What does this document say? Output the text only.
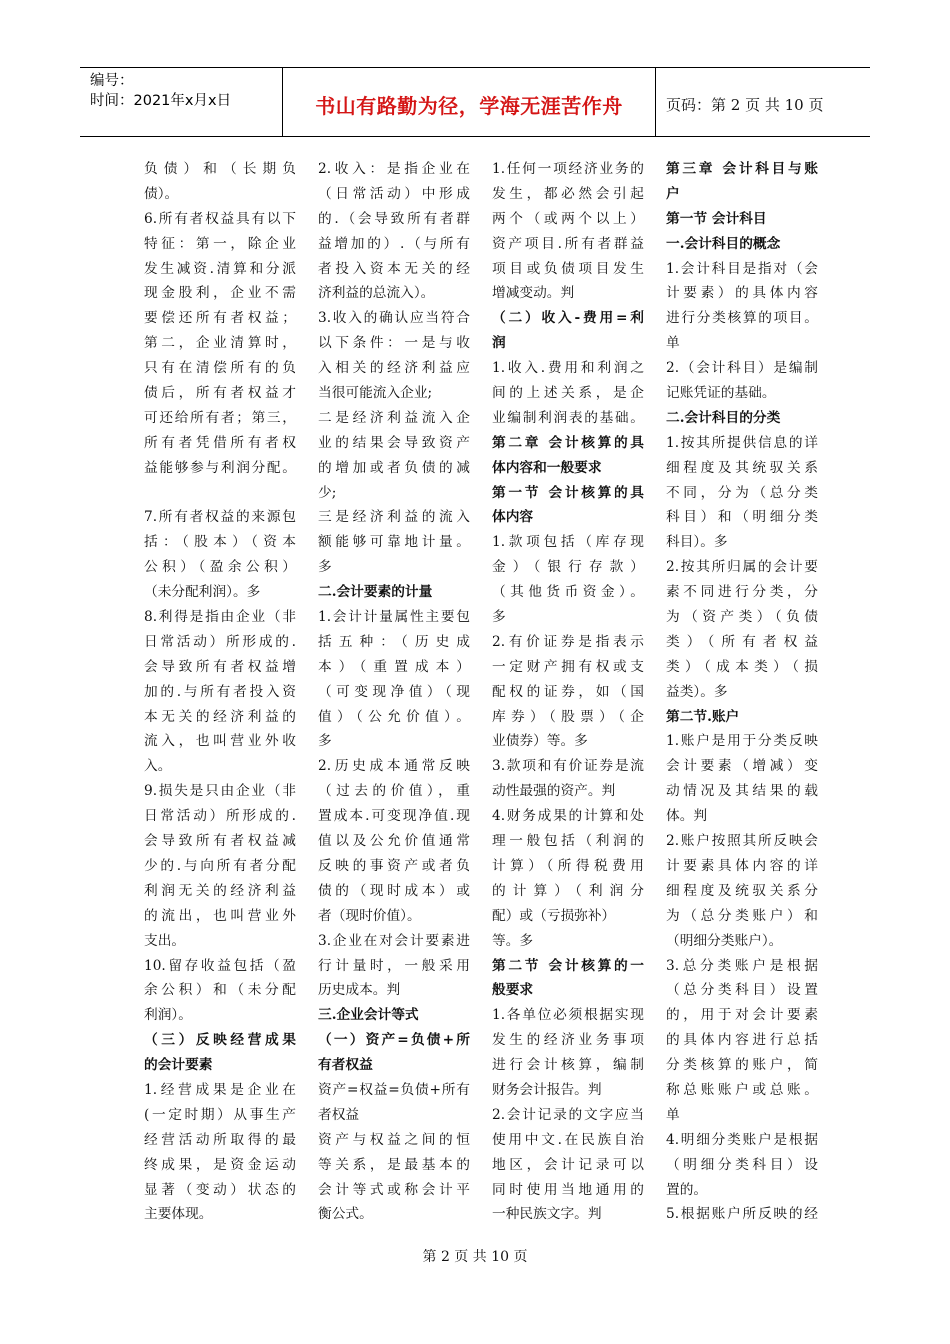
编号：
时间：2021年x月x日	书山有路勤为径，学海无涯苦作舟	页码：第 2 页 共 10 页
负债）和（长期负
债）。
6.所有者权益具有以下
特征：第一，除企业
发生减资.清算和分派
现金股利，企业不需
要偿还所有者权益；
第二，企业清算时，
只有在清偿所有的负
债后，所有者权益才
可还给所有者；第三，
所有者凭借所有者权
益能够参与利润分配。
7.所有者权益的来源包
括：（股本）（资本
公积）（盈余公积）
（未分配利润）。多
8.利得是指由企业（非
日常活动）所形成的.
会导致所有者权益增
加的.与所有者投入资
本无关的经济利益的
流入，也叫营业外收
入。
9.损失是只由企业（非
日常活动）所形成的.
会导致所有者权益减
少的.与向所有者分配
利润无关的经济利益
的流出，也叫营业外
支出。
10.留存收益包括（盈
余公积）和（未分配
利润）。
（三）反映经营成果
的会计要素
1.经营成果是企业在
(一定时期）从事生产
经营活动所取得的最
终成果，是资金运动
显著（变动）状态的
主要体现。
2.收入：是指企业在
（日常活动）中形成
的.（会导致所有者群
益增加的）.（与所有
者投入资本无关的经
济利益的总流入）。
3.收入的确认应当符合
以下条件：一是与收
入相关的经济利益应
当很可能流入企业;
二是经济利益流入企
业的结果会导致资产
的增加或者负债的减
少;
三是经济利益的流入
额能够可靠地计量。
多
二.会计要素的计量
1.会计计量属性主要包
括五种：（历史成
本）（重置成本）
（可变现净值）（现
值）（公允价值）。
多
2.历史成本通常反映
（过去的价值），重
置成本.可变现净值.现
值以及公允价值通常
反映的事资产或者负
债的（现时成本）或
者（现时价值）。
3.企业在对会计要素进
行计量时，一般采用
历史成本。判
三.企业会计等式
（一）资产=负债+所
有者权益
资产=权益=负债+所有
者权益
资产与权益之间的恒
等关系，是最基本的
会计等式或称会计平
衡公式。
1.任何一项经济业务的
发生，都必然会引起
两个（或两个以上）
资产项目.所有者群益
项目或负债项目发生
增减变动。判
（二）收入-费用=利
润
1.收入.费用和利润之
间的上述关系，是企
业编制利润表的基础。
第二章 会计核算的具
体内容和一般要求
第一节 会计核算的具
体内容
1.款项包括（库存现
金）（银行存款）
（其他货币资金）。
多
2.有价证券是指表示
一定财产拥有权或支
配权的证券，如（国
库券）（股票）（企
业债券）等。多
3.款项和有价证券是流
动性最强的资产。判
4.财务成果的计算和处
理一般包括（利润的
计算）（所得税费用
的计算）（利润分
配）或（亏损弥补）
等。多
第二节 会计核算的一
般要求
1.各单位必须根据实现
发生的经济业务事项
进行会计核算，编制
财务会计报告。判
2.会计记录的文字应当
使用中文.在民族自治
地区，会计记录可以
同时使用当地通用的
一种民族文字。判
第三章 会计科目与账
户
第一节 会计科目
一.会计科目的概念
1.会计科目是指对（会
计要素）的具体内容
进行分类核算的项目。
单
2.（会计科目）是编制
记账凭证的基础。
二.会计科目的分类
1.按其所提供信息的详
细程度及其统驭关系
不同，分为（总分类
科目）和（明细分类
科目）。多
2.按其所归属的会计要
素不同进行分类，分
为（资产类）（负债
类）（所有者权益
类）（成本类）（损
益类）。多
第二节.账户
1.账户是用于分类反映
会计要素（增减）变
动情况及其结果的载
体。判
2.账户按照其所反映会
计要素具体内容的详
细程度及统驭关系分
为（总分类账户）和
（明细分类账户）。
3.总分类账户是根据
（总分类科目）设置
的，用于对会计要素
的具体内容进行总括
分类核算的账户，简
称总账账户或总账。
单
4.明细分类账户是根据
（明细分类科目）设
置的。
5.根据账户所反映的经
第 2 页 共 10 页
